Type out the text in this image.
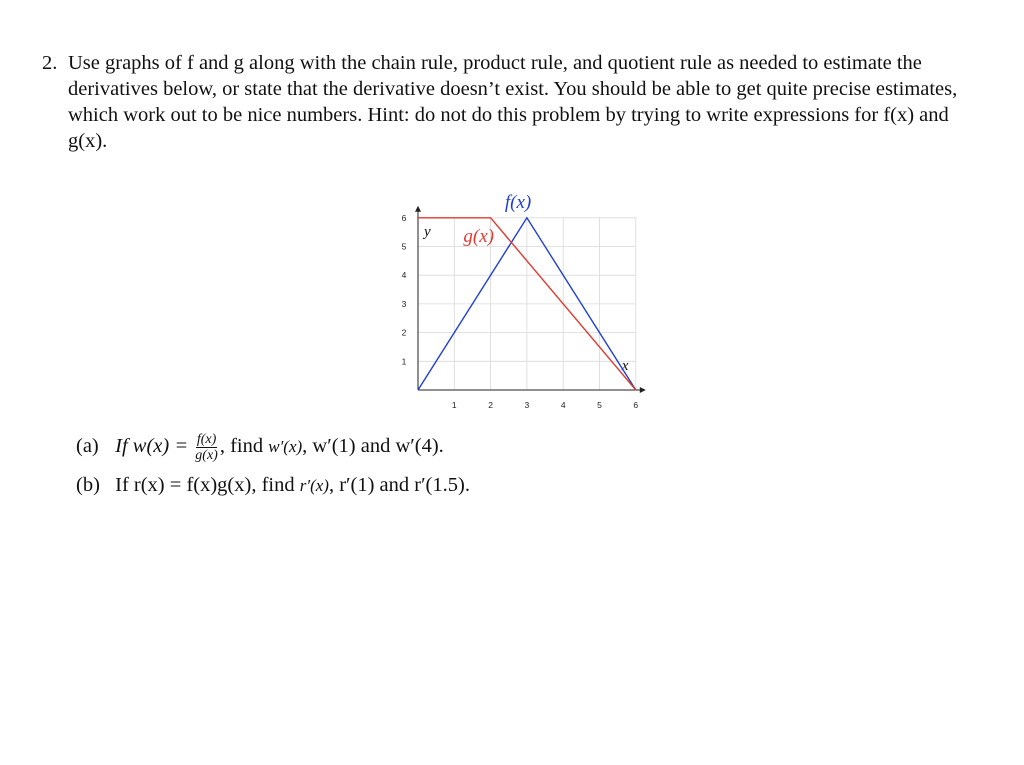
2. Use graphs of f and g along with the chain rule, product rule, and quotient rule as needed to estimate the derivatives below, or state that the derivative doesn’t exist. You should be able to get quite precise estimates, which work out to be nice numbers. Hint: do not do this problem by trying to write expressions for f(x) and g(x).
1	2	3	4	5	6
1
2
3
4
5
6
x
y
f(x)
g(x)
(a) If $w(x) = \frac{f(x)}{g(x)}$ , find w′(x), w′(1) and w′(4).
(b) If r(x) = f(x)g(x), find r′(x), r′(1) and r′(1.5).
